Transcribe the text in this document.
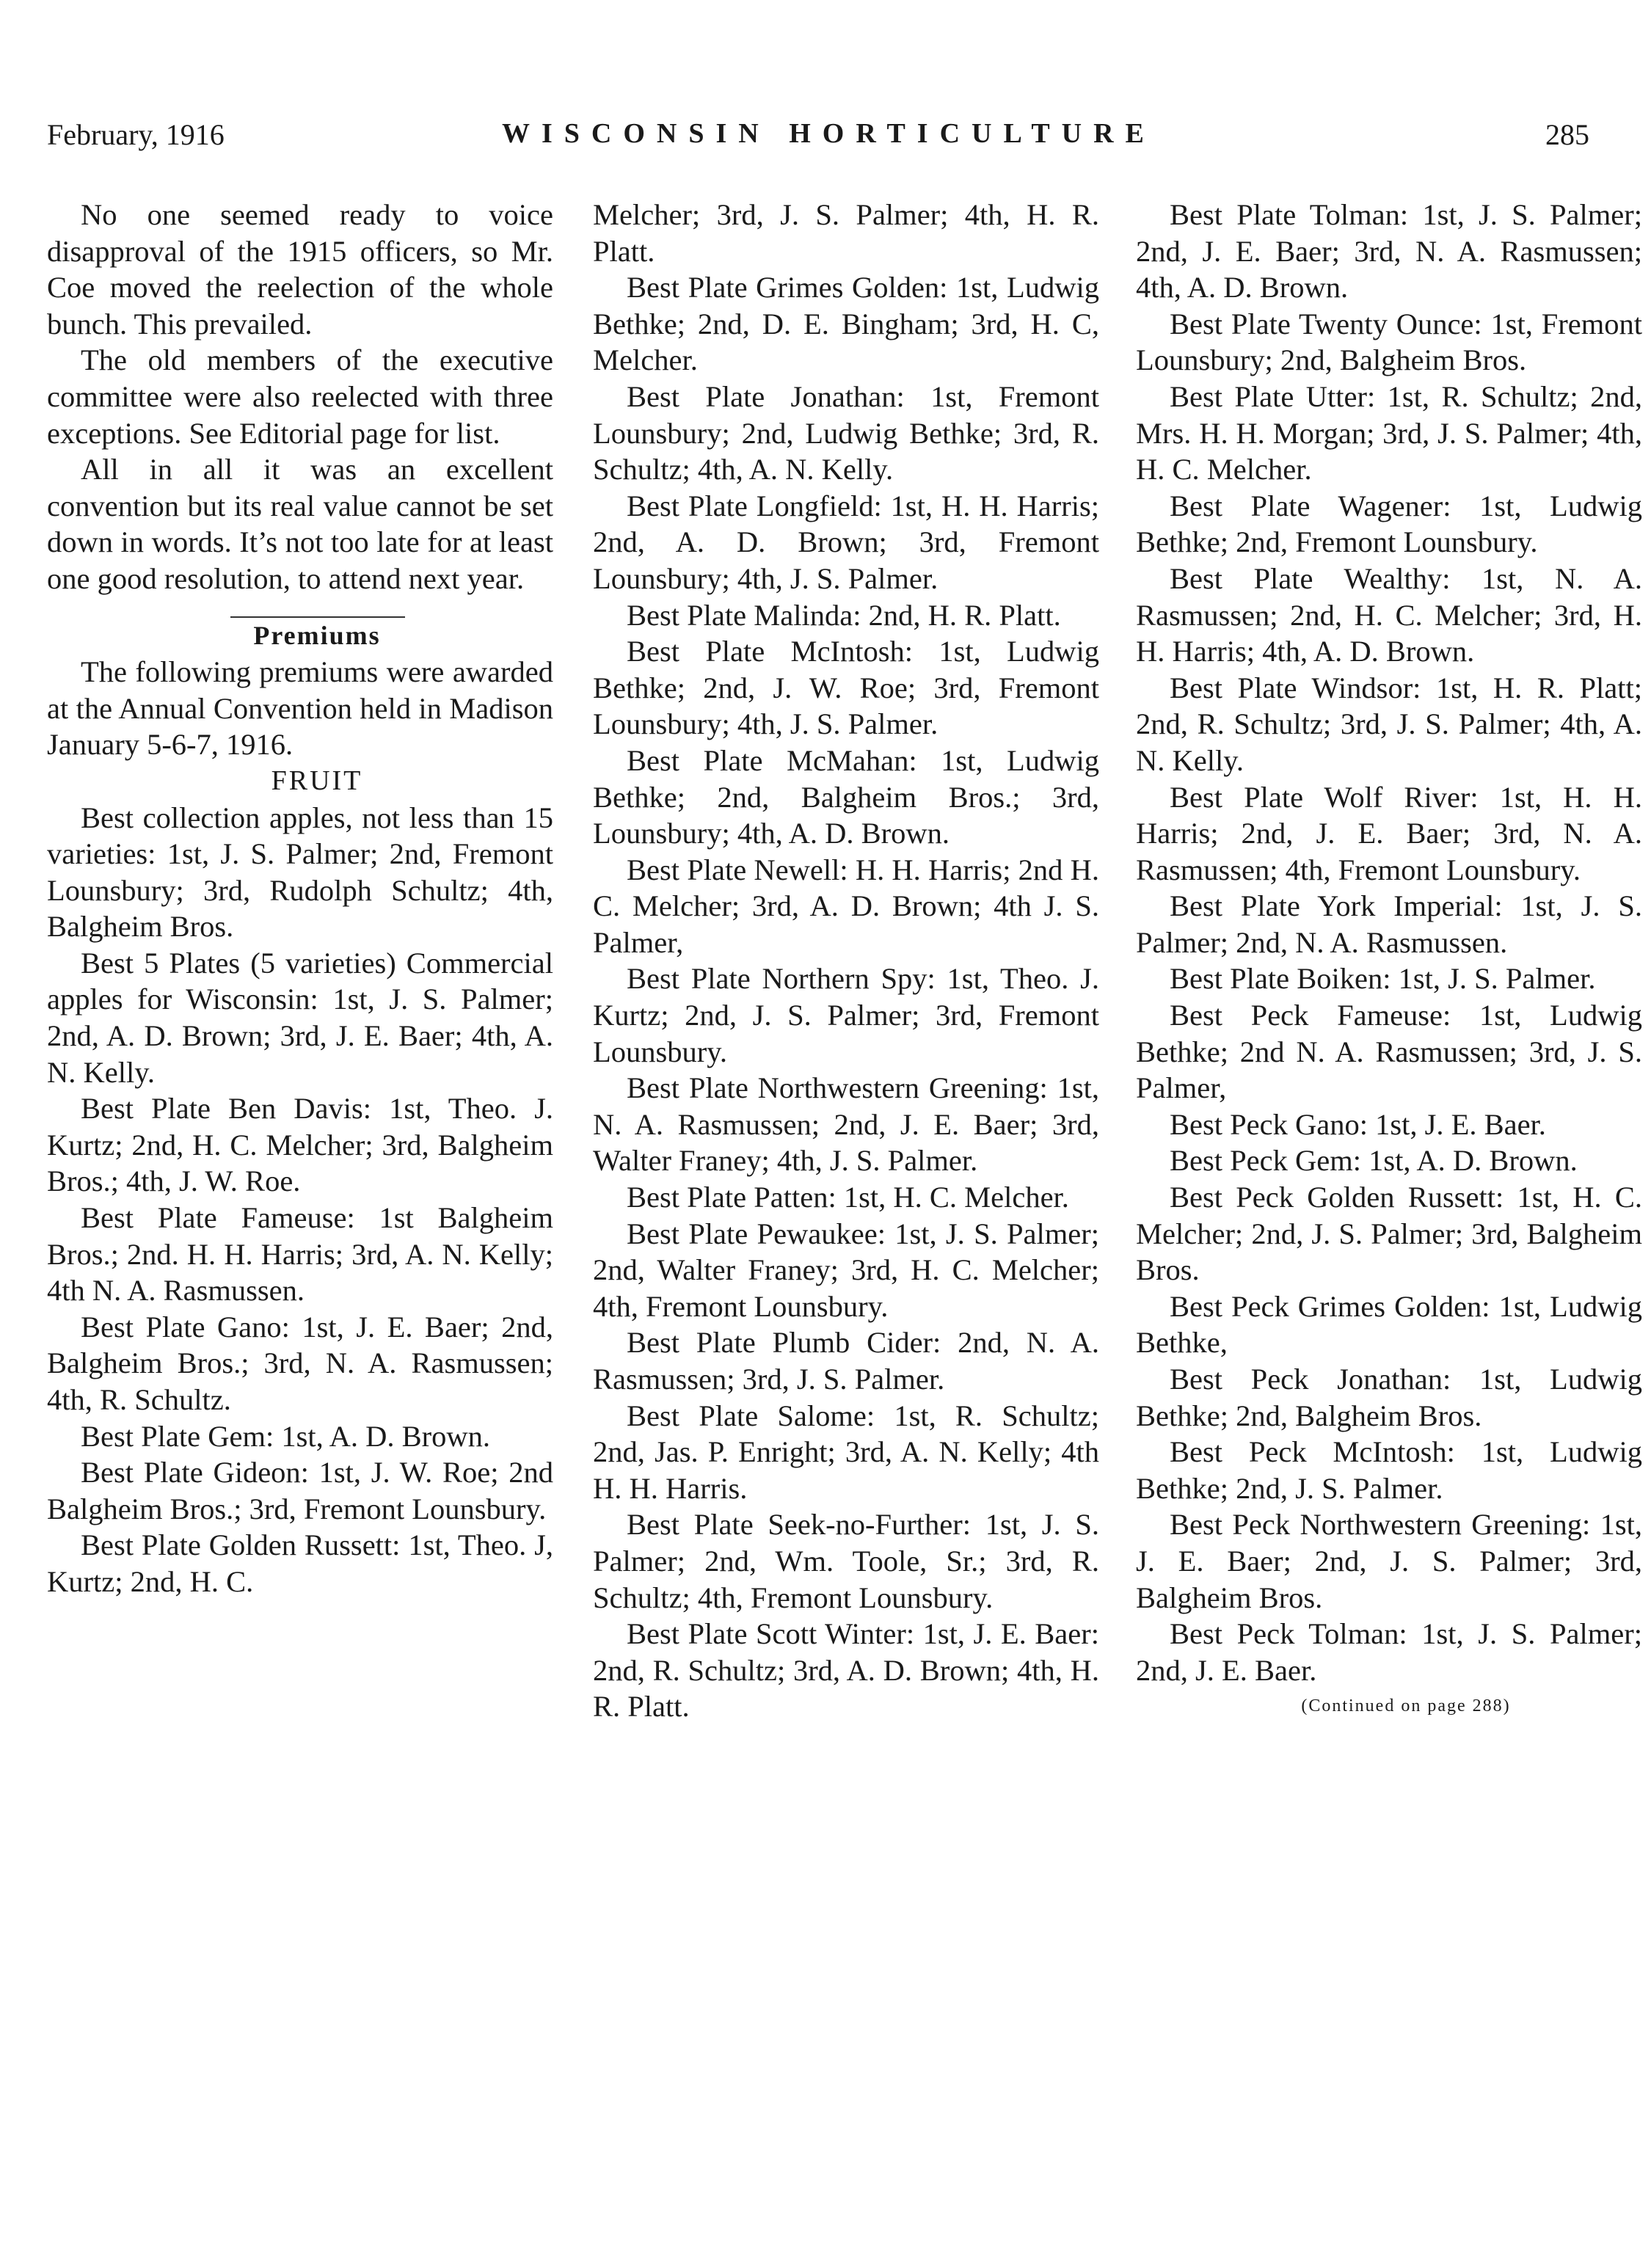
February, 1916	WISCONSIN HORTICULTURE	285

No one seemed ready to voice disapproval of the 1915 officers, so Mr. Coe moved the reelection of the whole bunch. This prevailed.

The old members of the executive committee were also reelected with three exceptions. See Editorial page for list.

All in all it was an excellent convention but its real value cannot be set down in words. It’s not too late for at least one good resolution, to attend next year.

Premiums

The following premiums were awarded at the Annual Convention held in Madison January 5-6-7, 1916.

FRUIT

Best collection apples, not less than 15 varieties: 1st, J. S. Palmer; 2nd, Fremont Lounsbury; 3rd, Rudolph Schultz; 4th, Balgheim Bros.

Best 5 Plates (5 varieties) Commercial apples for Wisconsin: 1st, J. S. Palmer; 2nd, A. D. Brown; 3rd, J. E. Baer; 4th, A. N. Kelly.

Best Plate Ben Davis: 1st, Theo. J. Kurtz; 2nd, H. C. Melcher; 3rd, Balgheim Bros.; 4th, J. W. Roe.

Best Plate Fameuse: 1st Balgheim Bros.; 2nd. H. H. Harris; 3rd, A. N. Kelly; 4th N. A. Rasmussen.

Best Plate Gano: 1st, J. E. Baer; 2nd, Balgheim Bros.; 3rd, N. A. Rasmussen; 4th, R. Schultz.

Best Plate Gem: 1st, A. D. Brown.

Best Plate Gideon: 1st, J. W. Roe; 2nd Balgheim Bros.; 3rd, Fremont Lounsbury.

Best Plate Golden Russett: 1st, Theo. J, Kurtz; 2nd, H. C.

Melcher; 3rd, J. S. Palmer; 4th, H. R. Platt.

Best Plate Grimes Golden: 1st, Ludwig Bethke; 2nd, D. E. Bingham; 3rd, H. C, Melcher.

Best Plate Jonathan: 1st, Fremont Lounsbury; 2nd, Ludwig Bethke; 3rd, R. Schultz; 4th, A. N. Kelly.

Best Plate Longfield: 1st, H. H. Harris; 2nd, A. D. Brown; 3rd, Fremont Lounsbury; 4th, J. S. Palmer.

Best Plate Malinda: 2nd, H. R. Platt.

Best Plate McIntosh: 1st, Ludwig Bethke; 2nd, J. W. Roe; 3rd, Fremont Lounsbury; 4th, J. S. Palmer.

Best Plate McMahan: 1st, Ludwig Bethke; 2nd, Balgheim Bros.; 3rd, Lounsbury; 4th, A. D. Brown.

Best Plate Newell: H. H. Harris; 2nd H. C. Melcher; 3rd, A. D. Brown; 4th J. S. Palmer,

Best Plate Northern Spy: 1st, Theo. J. Kurtz; 2nd, J. S. Palmer; 3rd, Fremont Lounsbury.

Best Plate Northwestern Greening: 1st, N. A. Rasmussen; 2nd, J. E. Baer; 3rd, Walter Franey; 4th, J. S. Palmer.

Best Plate Patten: 1st, H. C. Melcher.

Best Plate Pewaukee: 1st, J. S. Palmer; 2nd, Walter Franey; 3rd, H. C. Melcher; 4th, Fremont Lounsbury.

Best Plate Plumb Cider: 2nd, N. A. Rasmussen; 3rd, J. S. Palmer.

Best Plate Salome: 1st, R. Schultz; 2nd, Jas. P. Enright; 3rd, A. N. Kelly; 4th H. H. Harris.

Best Plate Seek-no-Further: 1st, J. S. Palmer; 2nd, Wm. Toole, Sr.; 3rd, R. Schultz; 4th, Fremont Lounsbury.

Best Plate Scott Winter: 1st, J. E. Baer: 2nd, R. Schultz; 3rd, A. D. Brown; 4th, H. R. Platt.

Best Plate Tolman: 1st, J. S. Palmer; 2nd, J. E. Baer; 3rd, N. A. Rasmussen; 4th, A. D. Brown.

Best Plate Twenty Ounce: 1st, Fremont Lounsbury; 2nd, Balgheim Bros.

Best Plate Utter: 1st, R. Schultz; 2nd, Mrs. H. H. Morgan; 3rd, J. S. Palmer; 4th, H. C. Melcher.

Best Plate Wagener: 1st, Ludwig Bethke; 2nd, Fremont Lounsbury.

Best Plate Wealthy: 1st, N. A. Rasmussen; 2nd, H. C. Melcher; 3rd, H. H. Harris; 4th, A. D. Brown.

Best Plate Windsor: 1st, H. R. Platt; 2nd, R. Schultz; 3rd, J. S. Palmer; 4th, A. N. Kelly.

Best Plate Wolf River: 1st, H. H. Harris; 2nd, J. E. Baer; 3rd, N. A. Rasmussen; 4th, Fremont Lounsbury.

Best Plate York Imperial: 1st, J. S. Palmer; 2nd, N. A. Rasmussen.

Best Plate Boiken: 1st, J. S. Palmer.

Best Peck Fameuse: 1st, Ludwig Bethke; 2nd N. A. Rasmussen; 3rd, J. S. Palmer,

Best Peck Gano: 1st, J. E. Baer.

Best Peck Gem: 1st, A. D. Brown.

Best Peck Golden Russett: 1st, H. C. Melcher; 2nd, J. S. Palmer; 3rd, Balgheim Bros.

Best Peck Grimes Golden: 1st, Ludwig Bethke,

Best Peck Jonathan: 1st, Ludwig Bethke; 2nd, Balgheim Bros.

Best Peck McIntosh: 1st, Ludwig Bethke; 2nd, J. S. Palmer.

Best Peck Northwestern Greening: 1st, J. E. Baer; 2nd, J. S. Palmer; 3rd, Balgheim Bros.

Best Peck Tolman: 1st, J. S. Palmer; 2nd, J. E. Baer.

(Continued on page 288)
